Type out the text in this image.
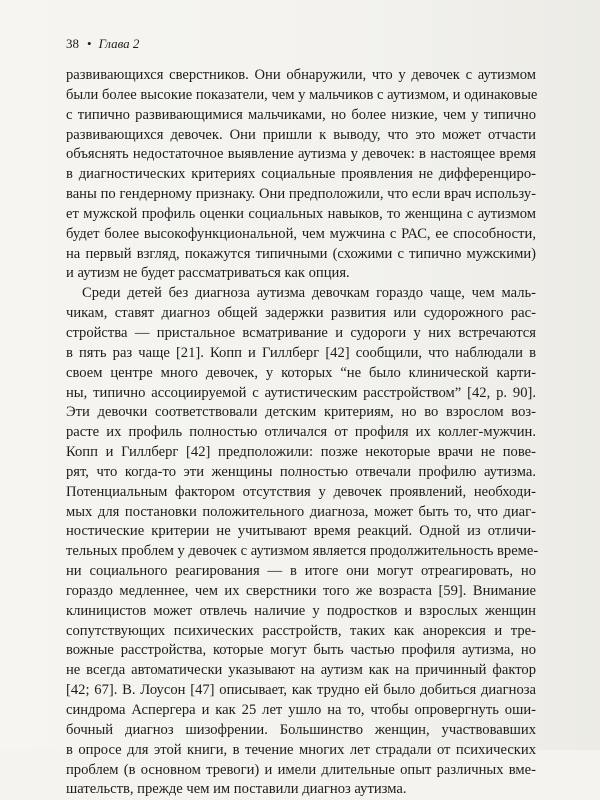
38 • Глава 2
развивающихся сверстников. Они обнаружили, что у девочек с аутизмом
были более высокие показатели, чем у мальчиков с аутизмом, и одинаковые
с типично развивающимися мальчиками, но более низкие, чем у типично
развивающихся девочек. Они пришли к выводу, что это может отчасти
объяснять недостаточное выявление аутизма у девочек: в настоящее время
в диагностических критериях социальные проявления не дифференциро-
ваны по гендерному признаку. Они предположили, что если врач использу-
ет мужской профиль оценки социальных навыков, то женщина с аутизмом
будет более высокофункциональной, чем мужчина с РАС, ее способности,
на первый взгляд, покажутся типичными (схожими с типично мужскими)
и аутизм не будет рассматриваться как опция.
Среди детей без диагноза аутизма девочкам гораздо чаще, чем маль-
чикам, ставят диагноз общей задержки развития или судорожного рас-
стройства — пристальное всматривание и судороги у них встречаются
в пять раз чаще [21]. Копп и Гиллберг [42] сообщили, что наблюдали в
своем центре много девочек, у которых “не было клинической карти-
ны, типично ассоциируемой с аутистическим расстройством” [42, p. 90].
Эти девочки соответствовали детским критериям, но во взрослом воз-
расте их профиль полностью отличался от профиля их коллег-мужчин.
Копп и Гиллберг [42] предположили: позже некоторые врачи не пове-
рят, что когда-то эти женщины полностью отвечали профилю аутизма.
Потенциальным фактором отсутствия у девочек проявлений, необходи-
мых для постановки положительного диагноза, может быть то, что диаг-
ностические критерии не учитывают время реакций. Одной из отличи-
тельных проблем у девочек с аутизмом является продолжительность време-
ни социального реагирования — в итоге они могут отреагировать, но
гораздо медленнее, чем их сверстники того же возраста [59]. Внимание
клиницистов может отвлечь наличие у подростков и взрослых женщин
сопутствующих психических расстройств, таких как анорексия и тре-
вожные расстройства, которые могут быть частью профиля аутизма, но
не всегда автоматически указывают на аутизм как на причинный фактор
[42; 67]. В. Лоусон [47] описывает, как трудно ей было добиться диагноза
синдрома Аспергера и как 25 лет ушло на то, чтобы опровергнуть оши-
бочный диагноз шизофрении. Большинство женщин, участвовавших
в опросе для этой книги, в течение многих лет страдали от психических
проблем (в основном тревоги) и имели длительные опыт различных вме-
шательств, прежде чем им поставили диагноз аутизма.
